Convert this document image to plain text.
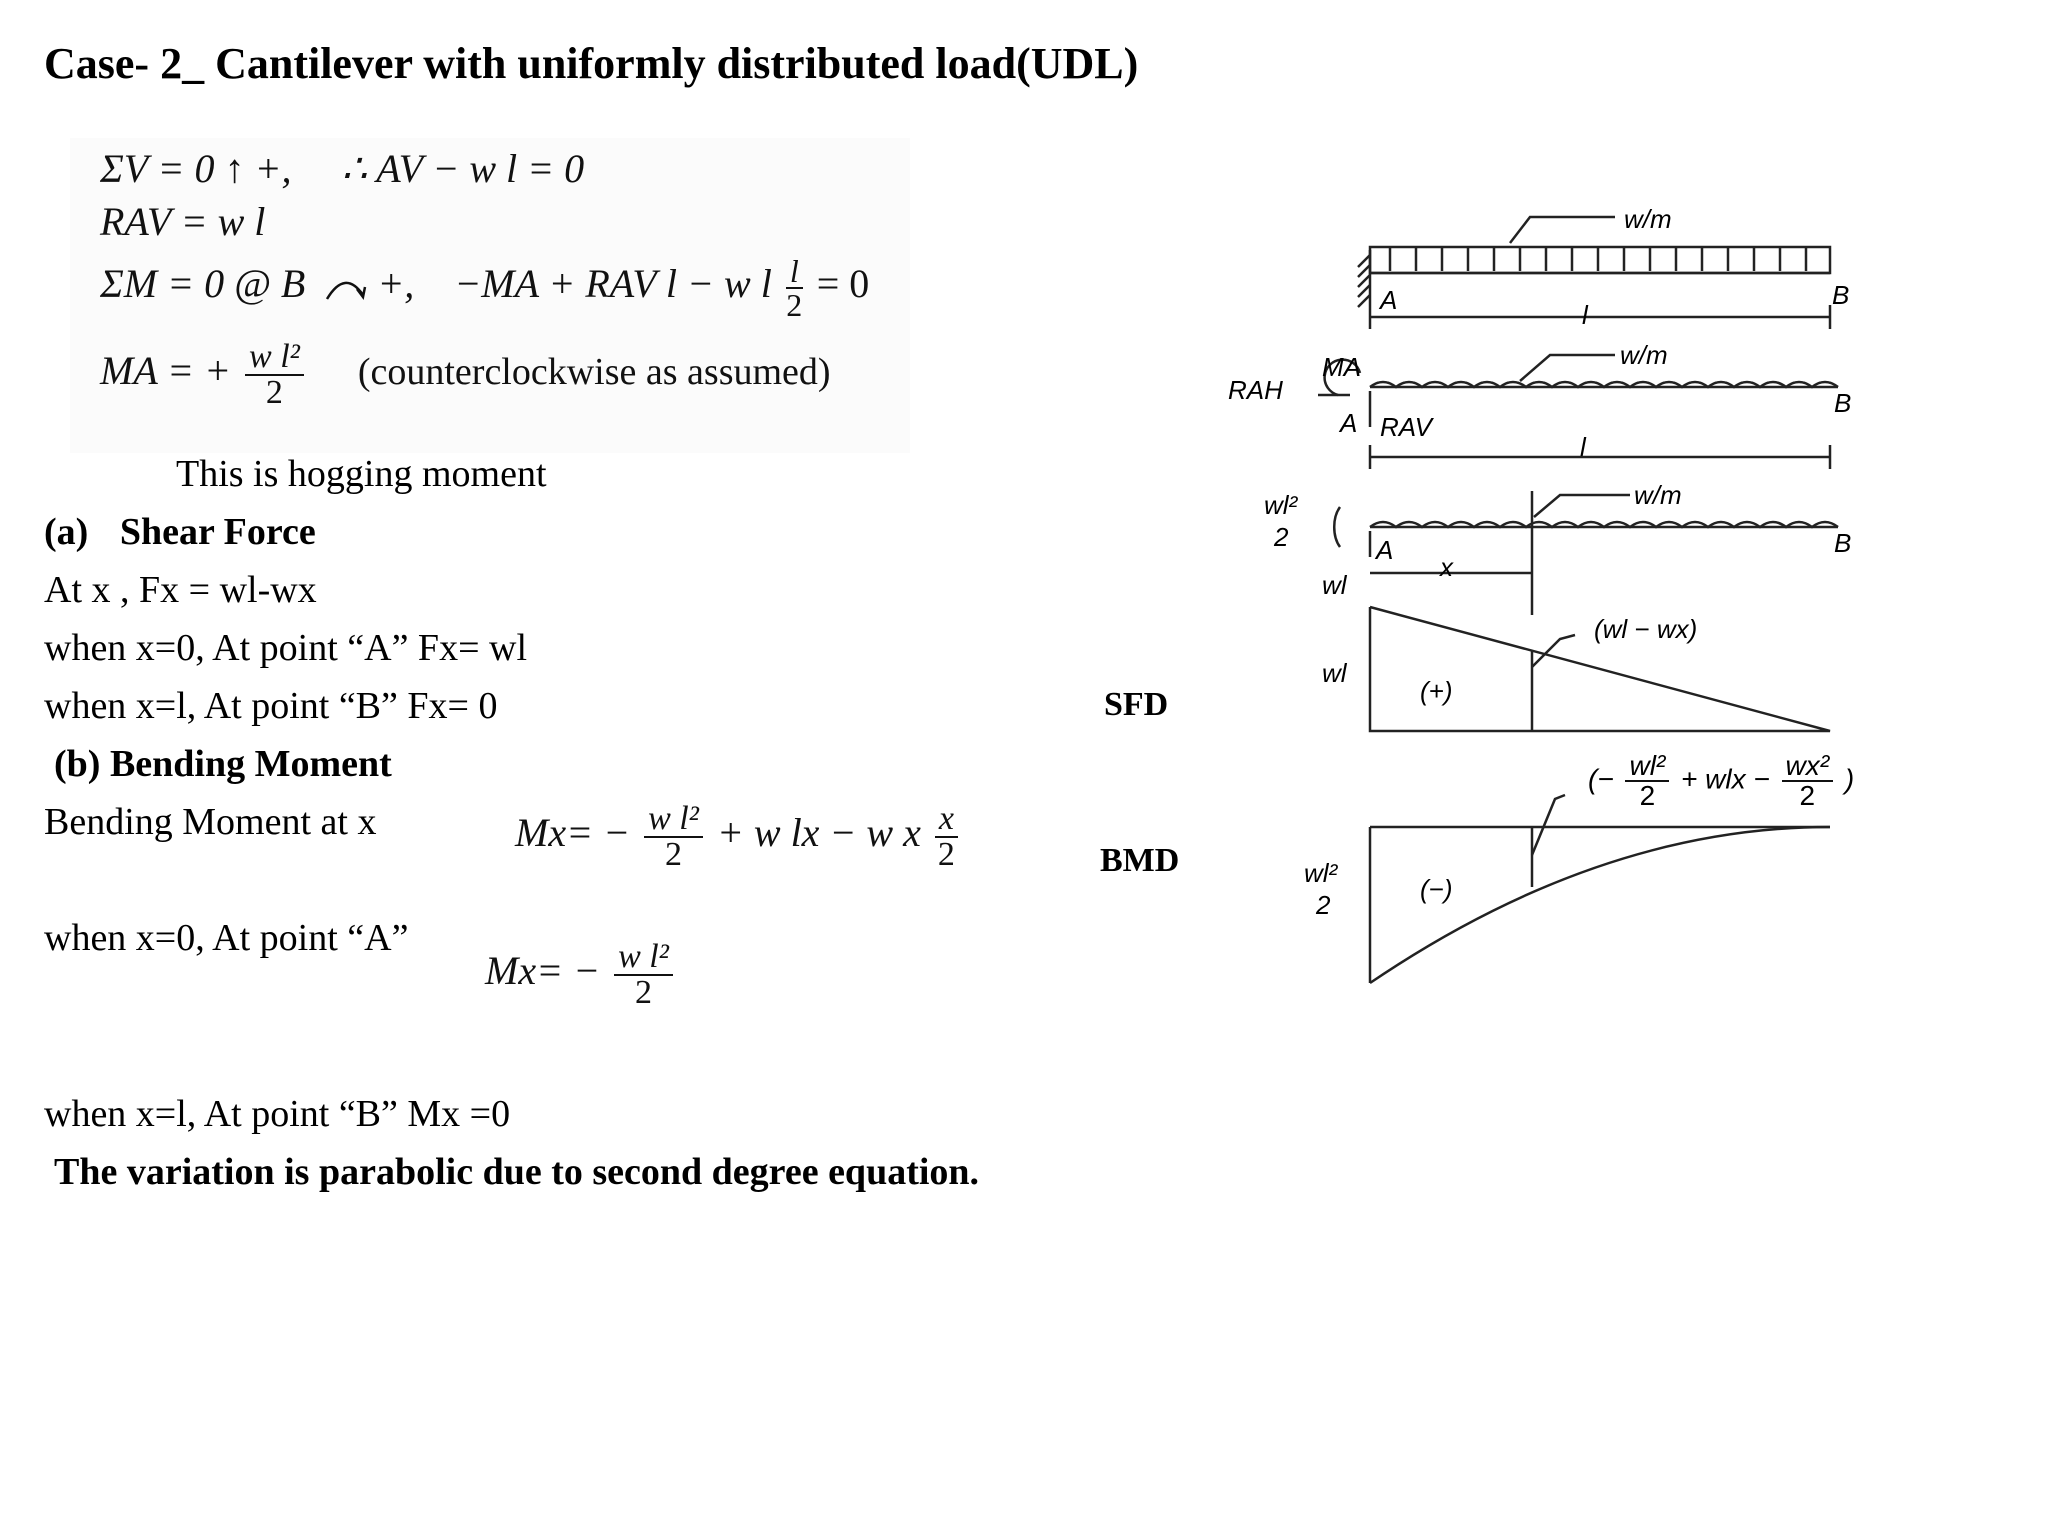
Case- 2_ Cantilever with uniformly distributed load(UDL)
ΣV = 0 ↑ +, ∴ AV − w l = 0
RAV = w l
ΣM = 0 @ B +, −MA + RAV l − w l $\frac{l}{2} = 0$
MA = + $\frac{\text{w l²}}{2}$ (counterclockwise as assumed)
This is hogging moment
(a) Shear Force
At x , Fx = wl-wx
when x=0, At point “A” Fx= wl
when x=l, At point “B” Fx= 0
(b) Bending Moment
Bending Moment at x	$Mx= - \frac{\text{w l²}}{2} + w$ lx − w x $\frac{x}{2}$
when x=0, At point “A”
$Mx= - \frac{\text{w l²}}{2}$
when x=l, At point “B” Mx =0
The variation is parabolic due to second degree equation.
SFD
BMD
w/m
A	B
l
w/m
RAH
MA
B
A RAV
l
w/m
wl²
2	B
A
x
wl
(wl − wx)
wl
(+)
(− $\frac{\text{wl²}}{2}$ + wlx − $\frac{\text{wx²}}{2}$ )
wl²
2
(−)
